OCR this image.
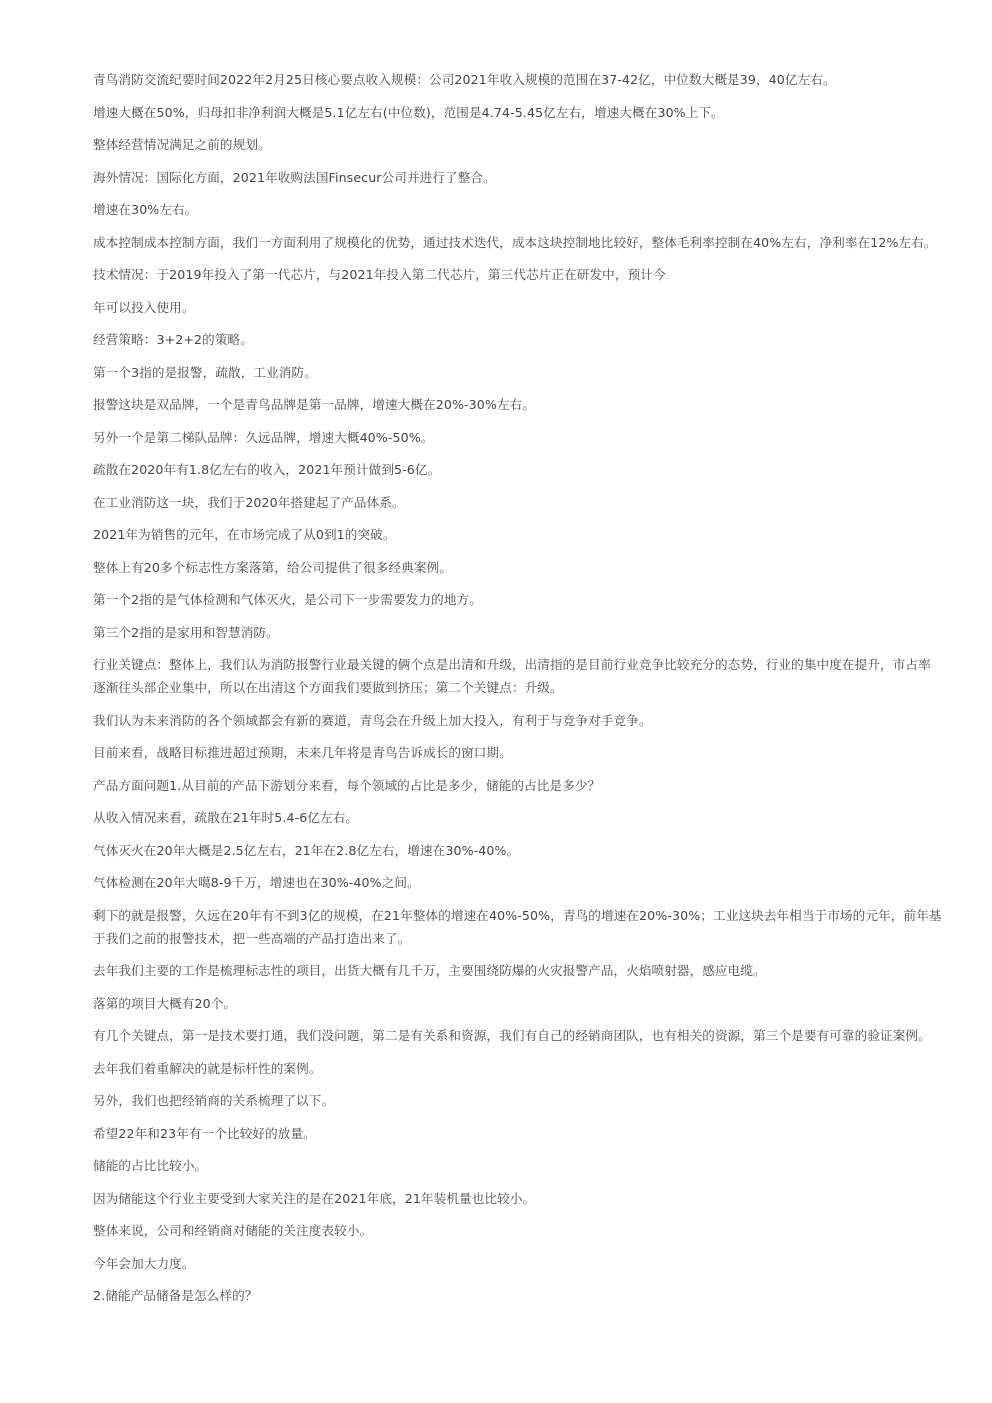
青鸟消防交流纪要时间2022年2月25日核心要点收入规模：公司2021年收入规模的范围在37-42亿，中位数大概是39，40亿左右。

增速大概在50%，归母扣非净利润大概是5.1亿左右(中位数)，范围是4.74-5.45亿左右，增速大概在30%上下。

整体经营情况满足之前的规划。

海外情况：国际化方面，2021年收购法国Finsecur公司并进行了整合。

增速在30%左右。

成本控制成本控制方面，我们一方面利用了规模化的优势，通过技术迭代，成本这块控制地比较好，整体毛利率控制在40%左右，净利率在12%左右。

技术情况：于2019年投入了第一代芯片，与2021年投入第二代芯片，第三代芯片正在研发中，预计今

年可以投入使用。

经营策略：3+2+2的策略。

第一个3指的是报警，疏散，工业消防。

报警这块是双品牌，一个是青鸟品牌是第一品牌，增速大概在20%-30%左右。

另外一个是第二梯队品牌：久远品牌，增速大概40%-50%。

疏散在2020年有1.8亿左右的收入，2021年预计做到5-6亿。

在工业消防这一块，我们于2020年搭建起了产品体系。

2021年为销售的元年，在市场完成了从0到1的突破。

整体上有20多个标志性方案落第，给公司提供了很多经典案例。

第一个2指的是气体检测和气体灭火，是公司下一步需要发力的地方。

第三个2指的是家用和智慧消防。

行业关键点：整体上，我们认为消防报警行业最关键的俩个点是出清和升级，出清指的是目前行业竞争比较充分的态势，行业的集中度在提升，市占率逐渐往头部企业集中，所以在出清这个方面我们要做到挤压；第二个关键点：升级。

我们认为未来消防的各个领域都会有新的赛道，青鸟会在升级上加大投入，有利于与竞争对手竞争。

目前来看，战略目标推进超过预期，未来几年将是青鸟告诉成长的窗口期。

产品方面问题1.从目前的产品下游划分来看，每个领域的占比是多少，储能的占比是多少？

从收入情况来看，疏散在21年时5.4-6亿左右。

气体灭火在20年大概是2.5亿左右，21年在2.8亿左右，增速在30%-40%。

气体检测在20年大噶8-9千万，增速也在30%-40%之间。

剩下的就是报警，久远在20年有不到3亿的规模，在21年整体的增速在40%-50%，青鸟的增速在20%-30%；工业这块去年相当于市场的元年，前年基于我们之前的报警技术，把一些高端的产品打造出来了。

去年我们主要的工作是梳理标志性的项目，出货大概有几千万，主要围绕防爆的火灾报警产品，火焰喷射器，感应电缆。

落第的项目大概有20个。

有几个关键点，第一是技术要打通，我们没问题，第二是有关系和资源，我们有自己的经销商团队，也有相关的资源，第三个是要有可靠的验证案例。

去年我们着重解决的就是标杆性的案例。

另外，我们也把经销商的关系梳理了以下。

希望22年和23年有一个比较好的放量。

储能的占比比较小。

因为储能这个行业主要受到大家关注的是在2021年底，21年装机量也比较小。

整体来说，公司和经销商对储能的关注度表较小。

今年会加大力度。

2.储能产品储备是怎么样的？
